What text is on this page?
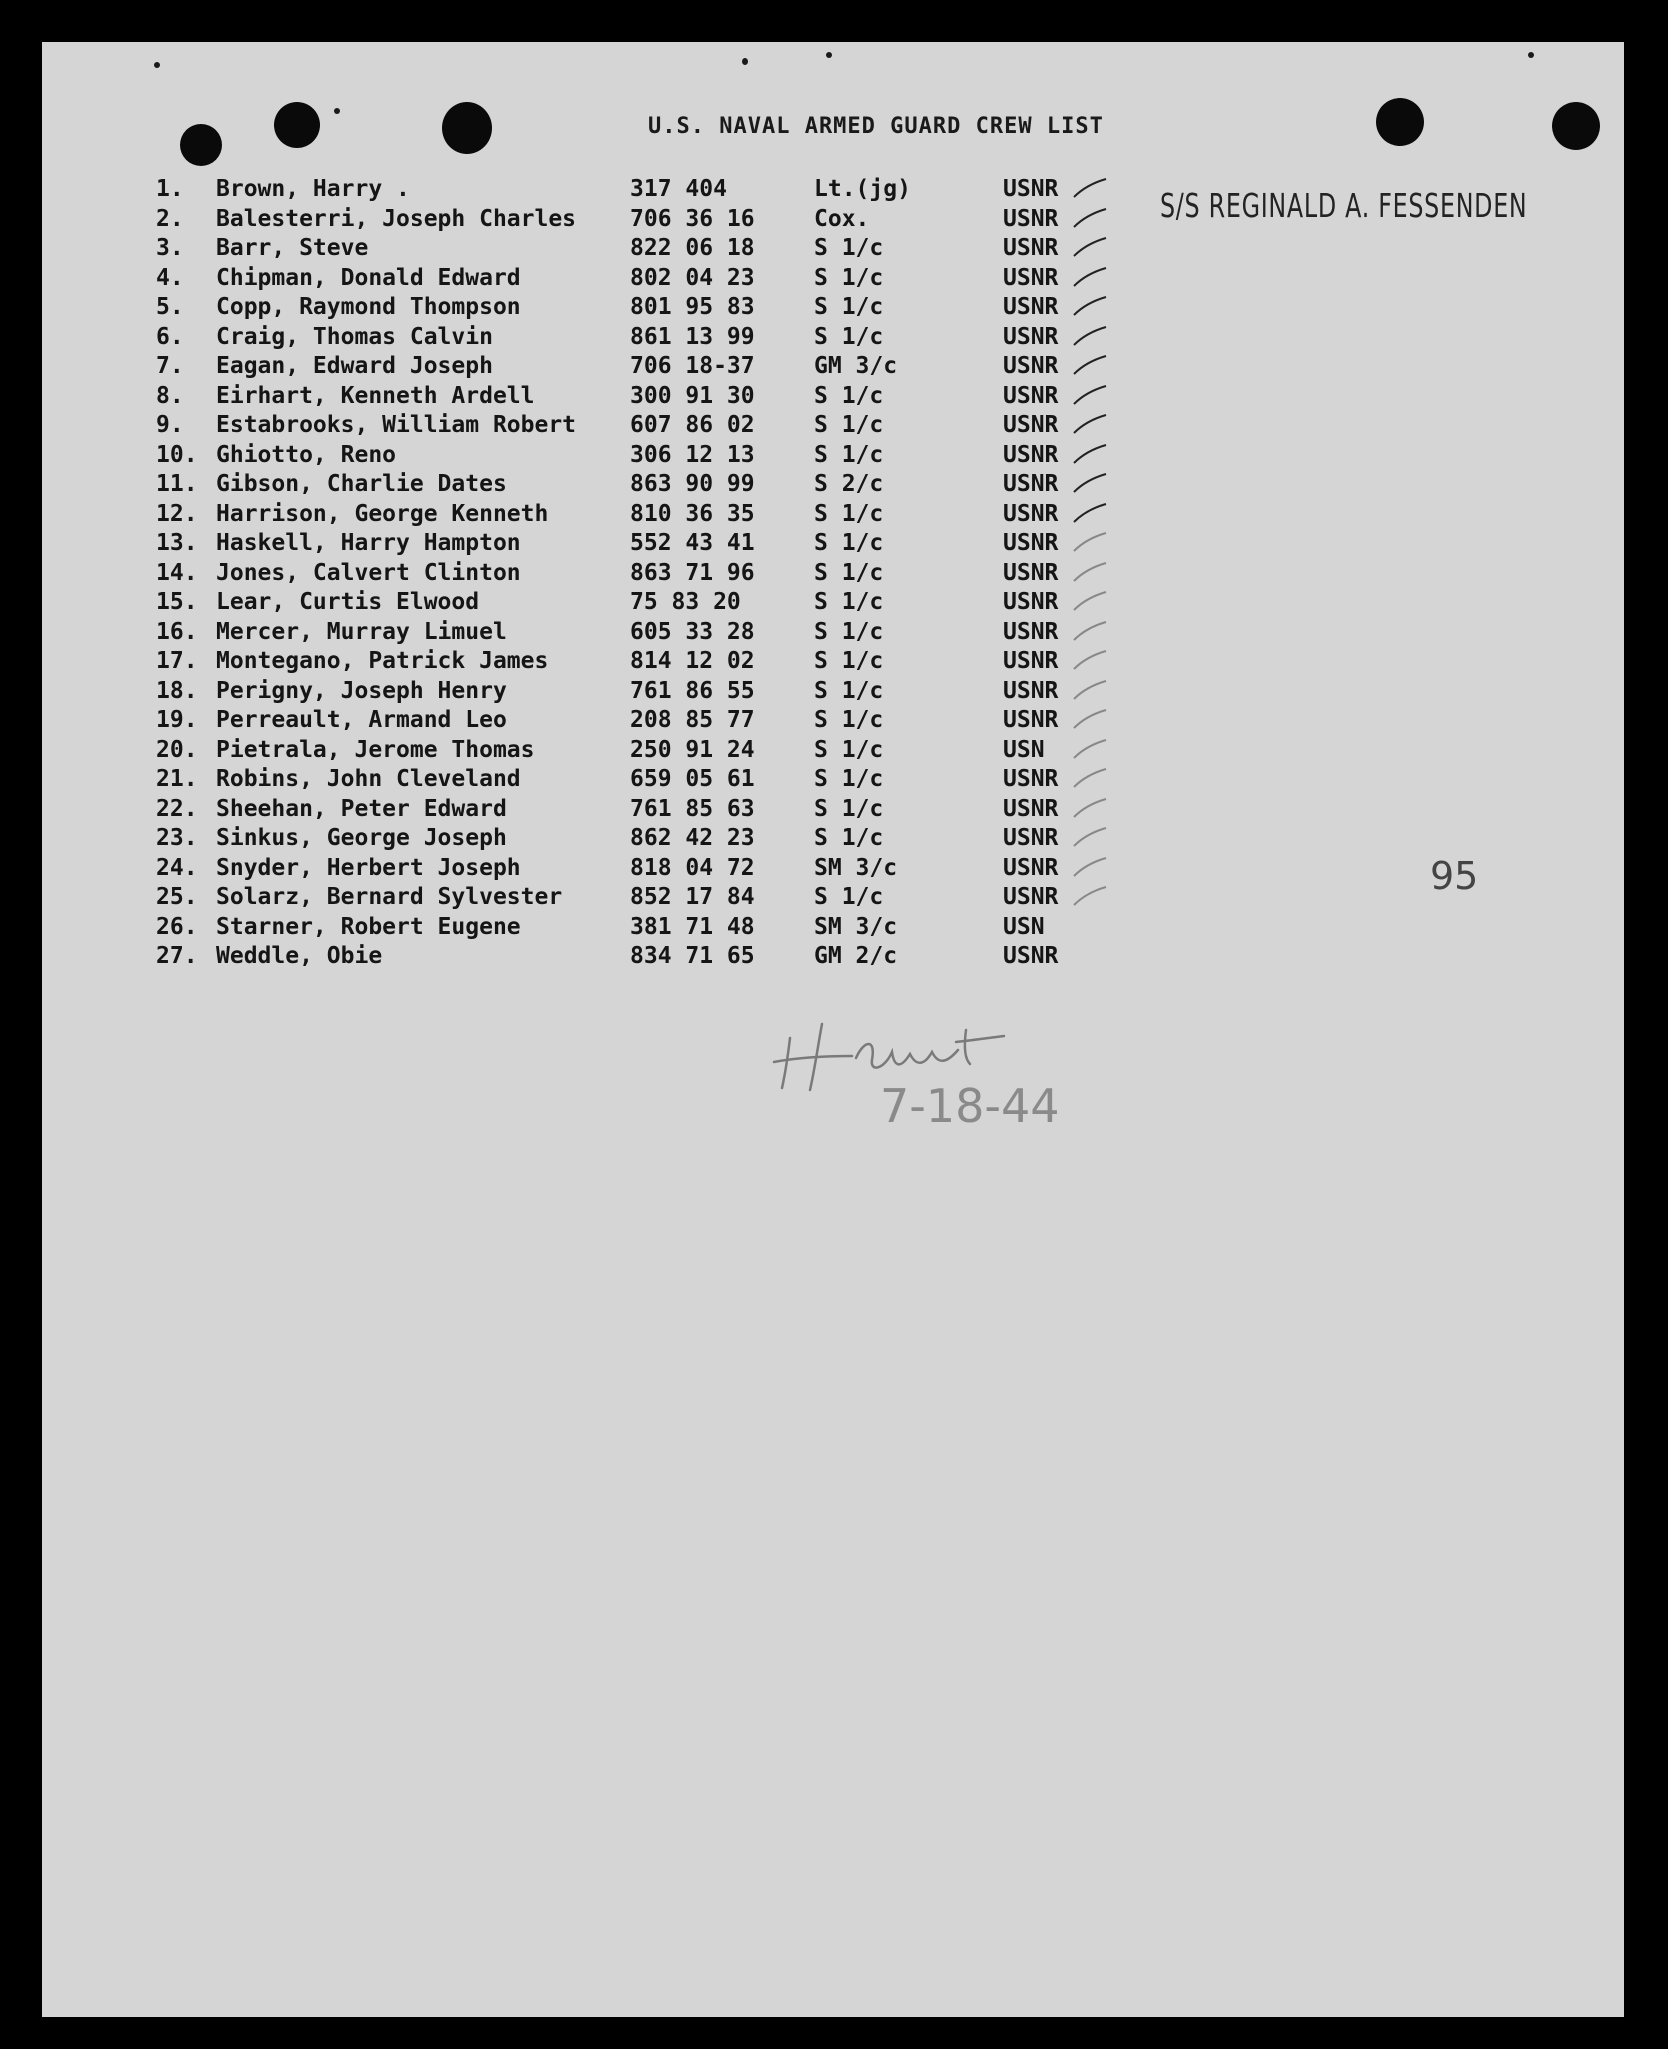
U.S. NAVAL ARMED GUARD CREW LIST
S/S REGINALD A. FESSENDEN
1.	Brown, Harry .	317 404	Lt.(jg)	USNR
2.	Balesterri, Joseph Charles	706 36 16	Cox.	USNR
3.	Barr, Steve	822 06 18	S 1/c	USNR
4.	Chipman, Donald Edward	802 04 23	S 1/c	USNR
5.	Copp, Raymond Thompson	801 95 83	S 1/c	USNR
6.	Craig, Thomas Calvin	861 13 99	S 1/c	USNR
7.	Eagan, Edward Joseph	706 18-37	GM 3/c	USNR
8.	Eirhart, Kenneth Ardell	300 91 30	S 1/c	USNR
9.	Estabrooks, William Robert	607 86 02	S 1/c	USNR
10. Ghiotto, Reno	306 12 13	S 1/c	USNR
11. Gibson, Charlie Dates	863 90 99	S 2/c	USNR
12. Harrison, George Kenneth	810 36 35	S 1/c	USNR
13. Haskell, Harry Hampton	552 43 41	S 1/c	USNR
14. Jones, Calvert Clinton	863 71 96	S 1/c	USNR
15. Lear, Curtis Elwood	75 83 20	S 1/c	USNR
16. Mercer, Murray Limuel	605 33 28	S 1/c	USNR
17. Montegano, Patrick James	814 12 02	S 1/c	USNR
18. Perigny, Joseph Henry	761 86 55	S 1/c	USNR
19. Perreault, Armand Leo	208 85 77	S 1/c	USNR
20. Pietrala, Jerome Thomas	250 91 24	S 1/c	USN
21. Robins, John Cleveland	659 05 61	S 1/c	USNR
22. Sheehan, Peter Edward	761 85 63	S 1/c	USNR
23. Sinkus, George Joseph	862 42 23	S 1/c	USNR
24. Snyder, Herbert Joseph	818 04 72	SM 3/c	USNR
25. Solarz, Bernard Sylvester	852 17 84	S 1/c	USNR
26. Starner, Robert Eugene	381 71 48	SM 3/c	USN
27. Weddle, Obie	834 71 65	GM 2/c	USNR
95
7-18-44
